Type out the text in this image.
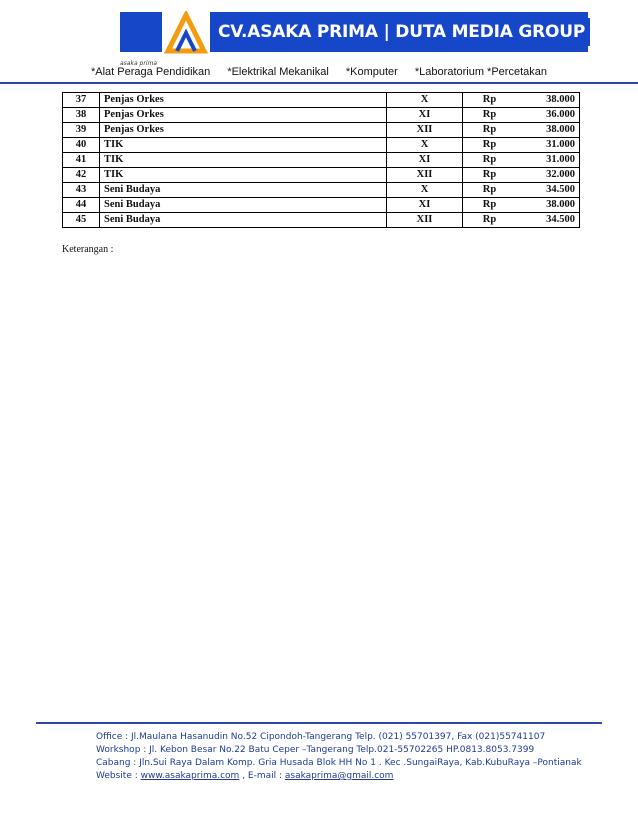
CV.ASAKA PRIMA | DUTA MEDIA GROUP
asaka prima
*Alat Peraga Pendidikan *Elektrikal Mekanikal *Komputer *Laboratorium *Percetakan
37	Penjas Orkes	X	Rp	38.000
38	Penjas Orkes	XI	Rp	36.000
39	Penjas Orkes	XII	Rp	38.000
40	TIK	X	Rp	31.000
41	TIK	XI	Rp	31.000
42	TIK	XII	Rp	32.000
43	Seni Budaya	X	Rp	34.500
44	Seni Budaya	XI	Rp	38.000
45	Seni Budaya	XII	Rp	34.500
Keterangan :
Office : Jl.Maulana Hasanudin No.52 Cipondoh-Tangerang Telp. (021) 55701397, Fax (021)55741107
Workshop : Jl. Kebon Besar No.22 Batu Ceper –Tangerang Telp.021-55702265 HP.0813.8053.7399
Cabang : Jln.Sui Raya Dalam Komp. Gria Husada Blok HH No 1 . Kec .SungaiRaya, Kab.KubuRaya –Pontianak
Website : www.asakaprima.com , E-mail : asakaprima@gmail.com
